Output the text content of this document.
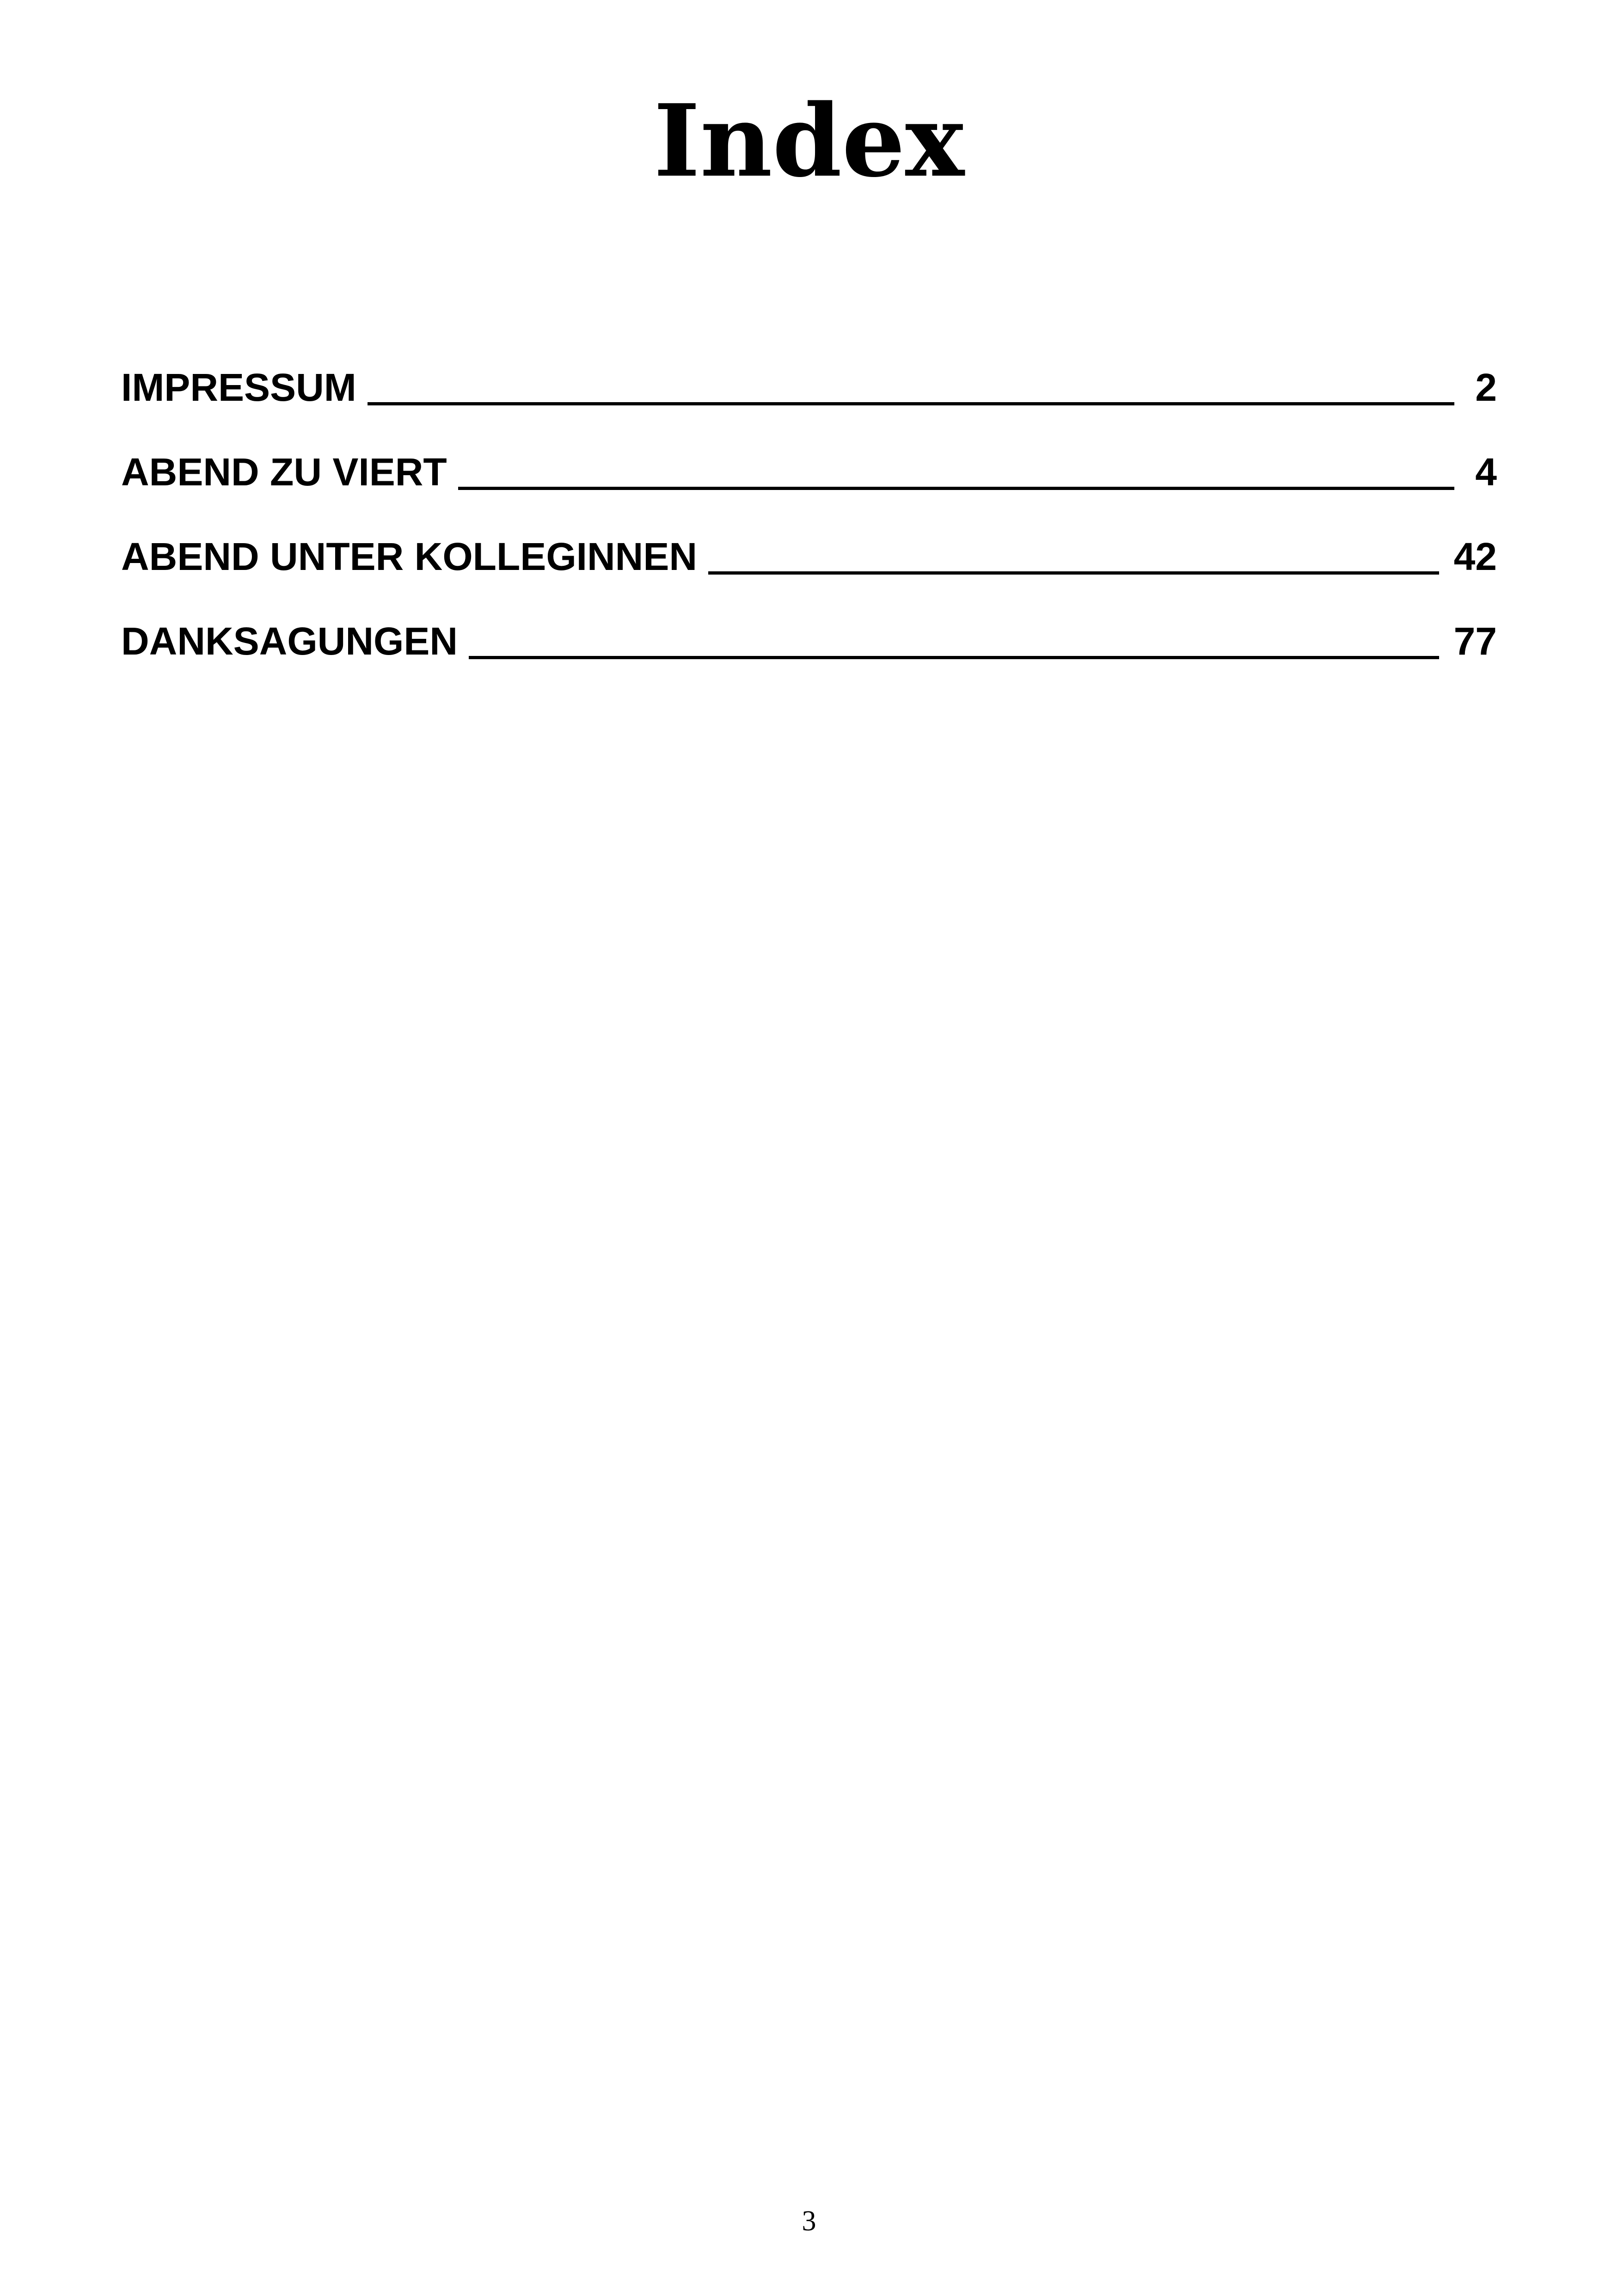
Index
IMPRESSUM	2
ABEND ZU VIERT	4
ABEND UNTER KOLLEGINNEN	42
DANKSAGUNGEN	77
3
